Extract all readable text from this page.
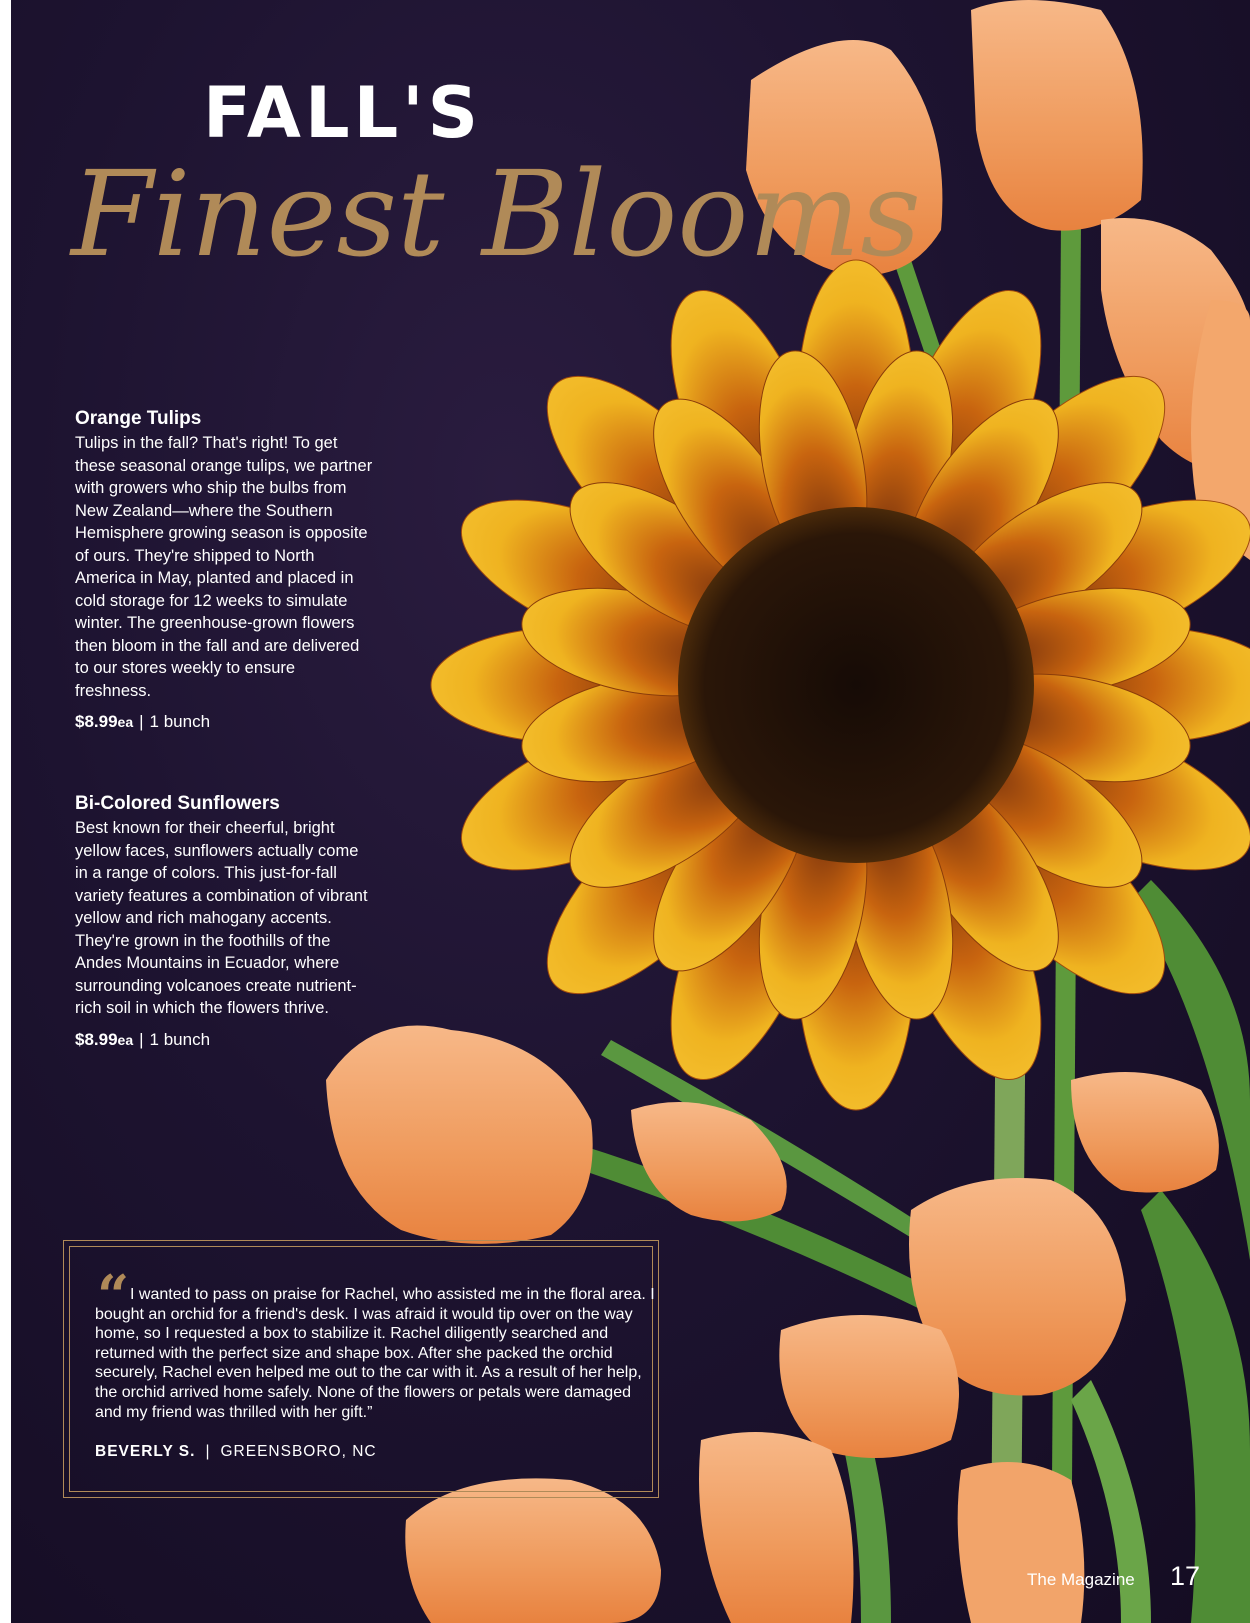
FALL'S
Finest Blooms
Orange Tulips

Tulips in the fall? That's right! To get these seasonal orange tulips, we partner with growers who ship the bulbs from New Zealand—where the Southern Hemisphere growing season is opposite of ours. They're shipped to North America in May, planted and placed in cold storage for 12 weeks to simulate winter. The greenhouse-grown flowers then bloom in the fall and are delivered to our stores weekly to ensure freshness.

$8.99ea | 1 bunch
Bi-Colored Sunflowers

Best known for their cheerful, bright yellow faces, sunflowers actually come in a range of colors. This just-for-fall variety features a combination of vibrant yellow and rich mahogany accents. They're grown in the foothills of the Andes Mountains in Ecuador, where surrounding volcanoes create nutrient-rich soil in which the flowers thrive.

$8.99ea | 1 bunch
“ I wanted to pass on praise for Rachel, who assisted me in the floral area. I bought an orchid for a friend's desk. I was afraid it would tip over on the way home, so I requested a box to stabilize it. Rachel diligently searched and returned with the perfect size and shape box. After she packed the orchid securely, Rachel even helped me out to the car with it. As a result of her help, the orchid arrived home safely. None of the flowers or petals were damaged and my friend was thrilled with her gift.”

BEVERLY S. | GREENSBORO, NC
The Magazine 17
